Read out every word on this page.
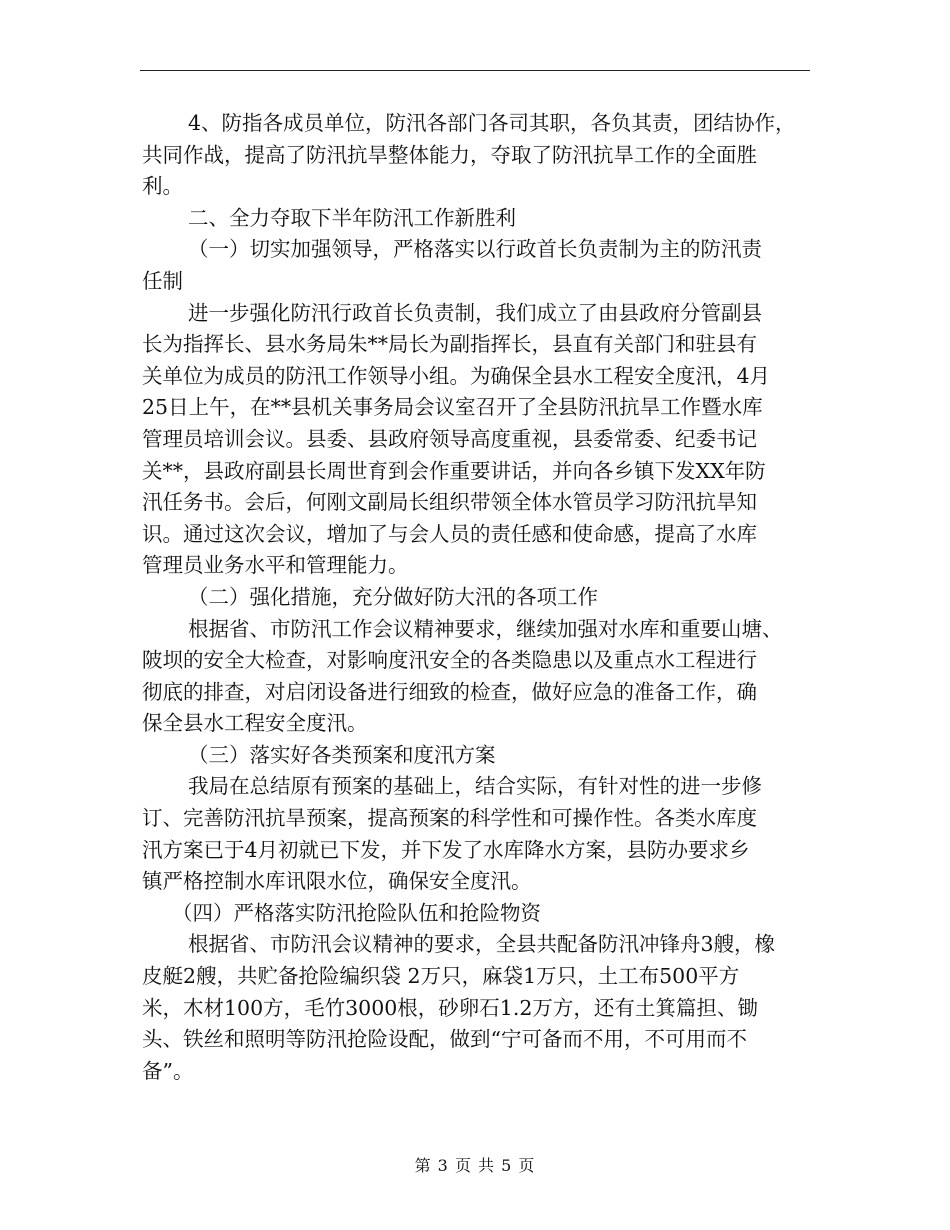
4、防指各成员单位，防汛各部门各司其职，各负其责，团结协作，
共同作战，提高了防汛抗旱整体能力，夺取了防汛抗旱工作的全面胜
利。
二、全力夺取下半年防汛工作新胜利
（一）切实加强领导，严格落实以行政首长负责制为主的防汛责
任制
进一步强化防汛行政首长负责制，我们成立了由县政府分管副县
长为指挥长、县水务局朱**局长为副指挥长，县直有关部门和驻县有
关单位为成员的防汛工作领导小组。为确保全县水工程安全度汛，4月
25日上午，在**县机关事务局会议室召开了全县防汛抗旱工作暨水库
管理员培训会议。县委、县政府领导高度重视，县委常委、纪委书记
关**，县政府副县长周世育到会作重要讲话，并向各乡镇下发XX年防
汛任务书。会后，何刚文副局长组织带领全体水管员学习防汛抗旱知
识。通过这次会议，增加了与会人员的责任感和使命感，提高了水库
管理员业务水平和管理能力。
（二）强化措施，充分做好防大汛的各项工作
根据省、市防汛工作会议精神要求，继续加强对水库和重要山塘、
陂坝的安全大检查，对影响度汛安全的各类隐患以及重点水工程进行
彻底的排查，对启闭设备进行细致的检查，做好应急的准备工作，确
保全县水工程安全度汛。
（三）落实好各类预案和度汛方案
我局在总结原有预案的基础上，结合实际，有针对性的进一步修
订、完善防汛抗旱预案，提高预案的科学性和可操作性。各类水库度
汛方案已于4月初就已下发，并下发了水库降水方案，县防办要求乡
镇严格控制水库讯限水位，确保安全度汛。
（四）严格落实防汛抢险队伍和抢险物资
根据省、市防汛会议精神的要求，全县共配备防汛冲锋舟3艘，橡
皮艇2艘，共贮备抢险编织袋 2万只，麻袋1万只，土工布500平方
米，木材100方，毛竹3000根，砂卵石1.2万方，还有土箕篇担、锄
头、铁丝和照明等防汛抢险设配，做到“宁可备而不用，不可用而不
备”。
第 3 页 共 5 页
